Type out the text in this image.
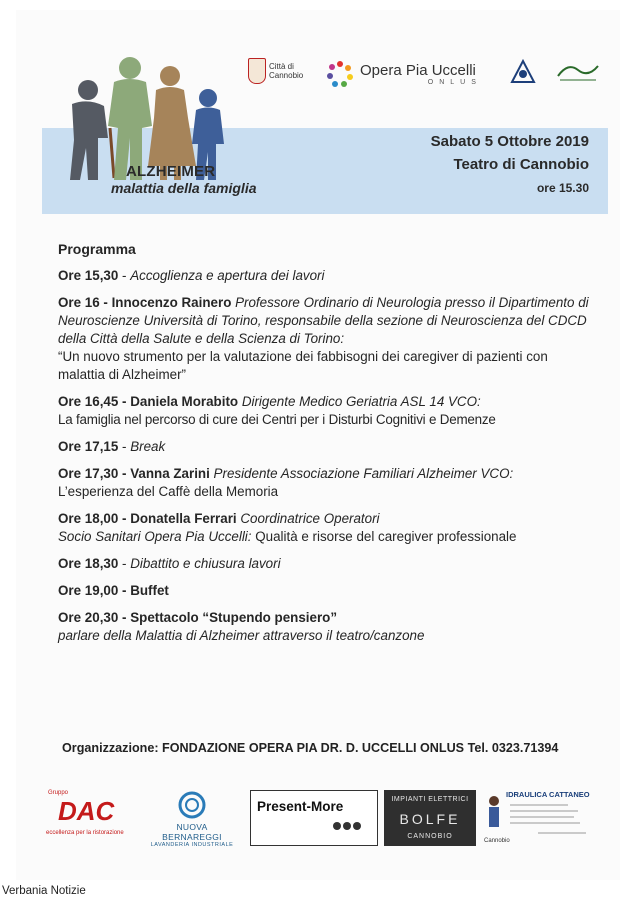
ALZHEIMER
malattia della famiglia
Sabato 5 Ottobre 2019
Teatro di Cannobio
ore 15.30
Città di
Cannobio	Opera Pia Uccelli
ONLUS
Programma
Ore 15,30 - Accoglienza e apertura dei lavori
Ore 16 - Innocenzo Rainero Professore Ordinario di Neurologia presso il Dipartimento di Neuroscienze Università di Torino, responsabile della sezione di Neuroscienza del CDCD della Città della Salute e della Scienza di Torino:
“Un nuovo strumento per la valutazione dei fabbisogni dei caregiver di pazienti con malattia di Alzheimer”
Ore 16,45 - Daniela Morabito Dirigente Medico Geriatria ASL 14 VCO:
La famiglia nel percorso di cure dei Centri per i Disturbi Cognitivi e Demenze
Ore 17,15 - Break
Ore 17,30 - Vanna Zarini Presidente Associazione Familiari Alzheimer VCO:
L’esperienza del Caffè della Memoria
Ore 18,00 - Donatella Ferrari Coordinatrice Operatori
Socio Sanitari Opera Pia Uccelli: Qualità e risorse del caregiver professionale
Ore 18,30 - Dibattito e chiusura lavori
Ore 19,00 - Buffet
Ore 20,30 - Spettacolo “Stupendo pensiero”
parlare della Malattia di Alzheimer attraverso il teatro/canzone
Organizzazione: FONDAZIONE OPERA PIA DR. D. UCCELLI ONLUS Tel. 0323.71394
Gruppo
DAC
eccellenza per la ristorazione
NUOVA BERNAREGGI
LAVANDERIA INDUSTRIALE
Present-More	IMPIANTI ELETTRICI
BOLFE
CANNOBIO
IDRAULICA CATTANEO
Cannobio
Verbania Notizie
